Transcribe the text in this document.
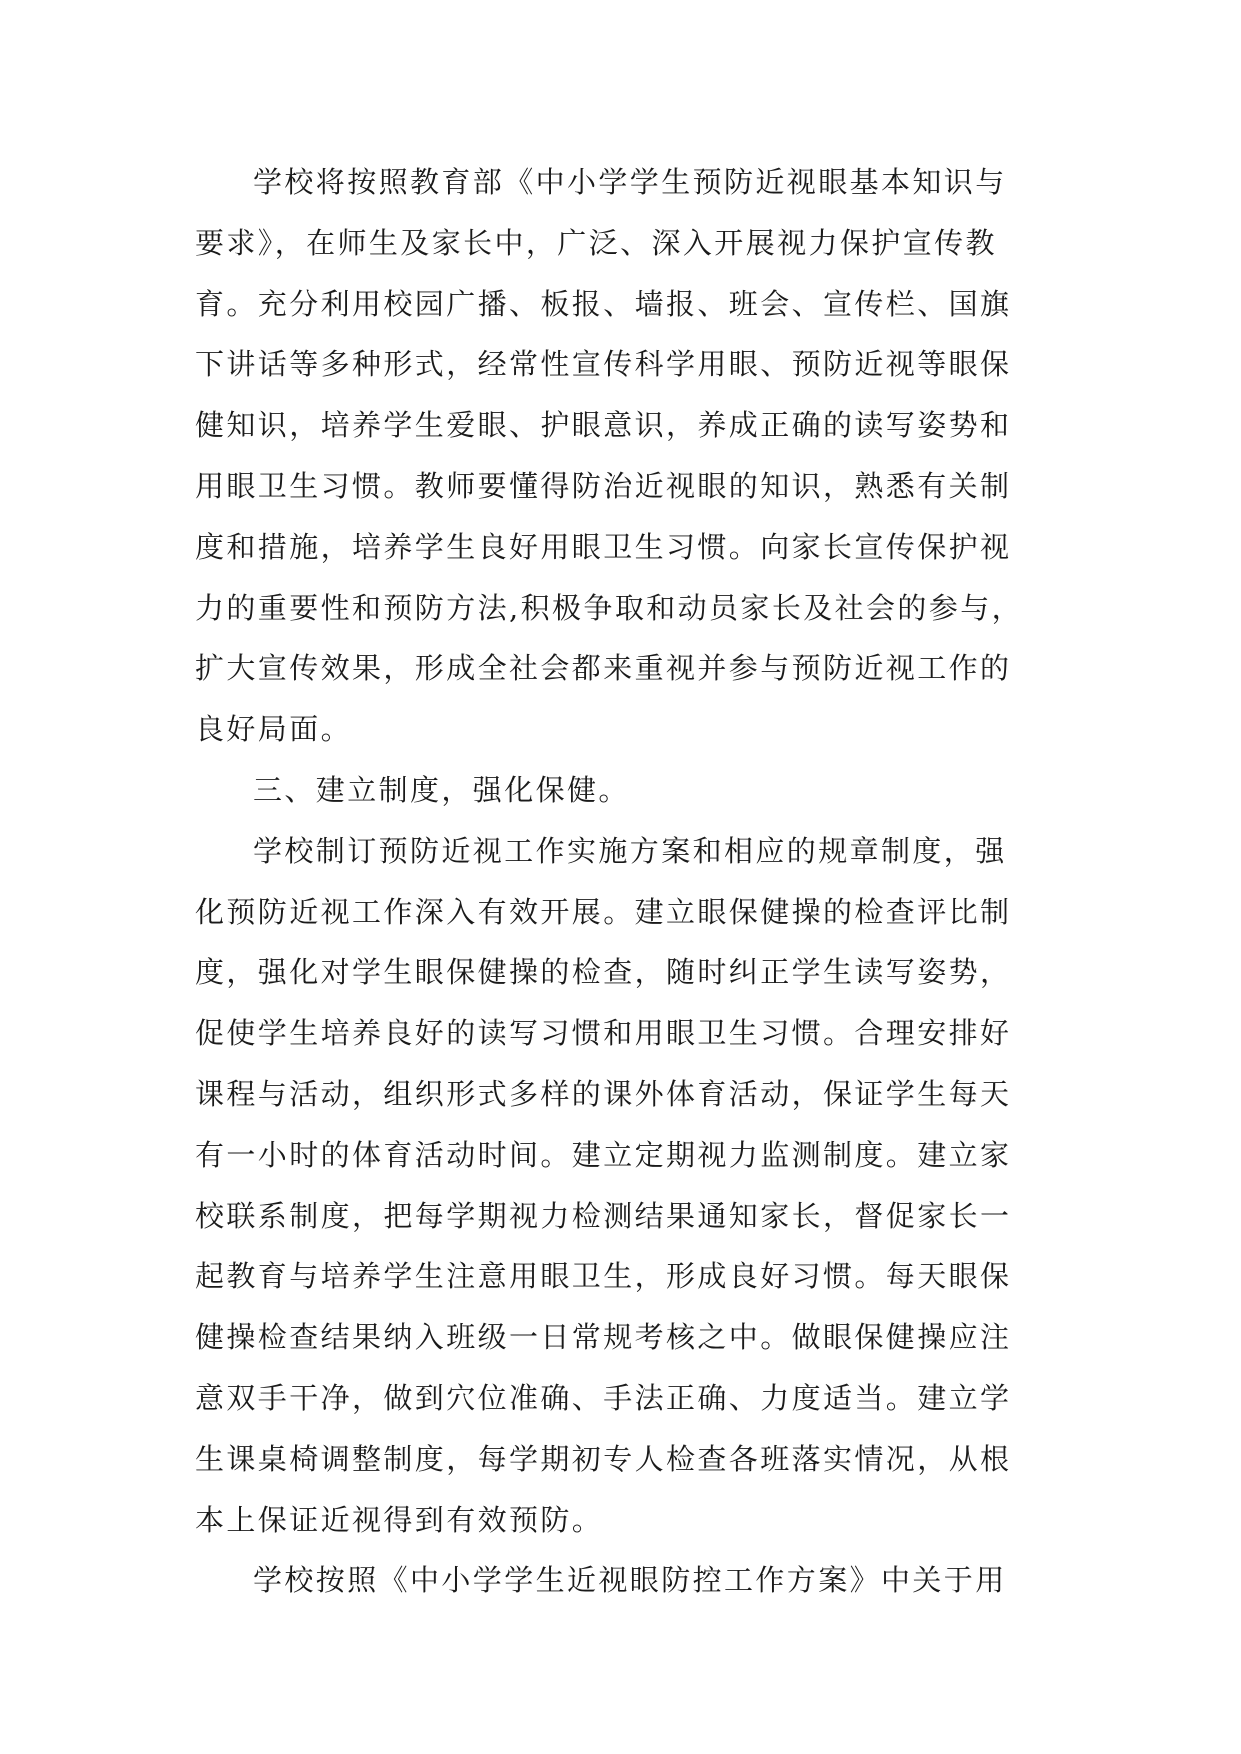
学校将按照教育部《中小学学生预防近视眼基本知识与
要求》，在师生及家长中，广泛、深入开展视力保护宣传教
育。充分利用校园广播、板报、墙报、班会、宣传栏、国旗
下讲话等多种形式，经常性宣传科学用眼、预防近视等眼保
健知识，培养学生爱眼、护眼意识，养成正确的读写姿势和
用眼卫生习惯。教师要懂得防治近视眼的知识，熟悉有关制
度和措施，培养学生良好用眼卫生习惯。向家长宣传保护视
力的重要性和预防方法,积极争取和动员家长及社会的参与，
扩大宣传效果，形成全社会都来重视并参与预防近视工作的
良好局面。

三、建立制度，强化保健。

学校制订预防近视工作实施方案和相应的规章制度，强
化预防近视工作深入有效开展。建立眼保健操的检查评比制
度，强化对学生眼保健操的检查，随时纠正学生读写姿势，
促使学生培养良好的读写习惯和用眼卫生习惯。合理安排好
课程与活动，组织形式多样的课外体育活动，保证学生每天
有一小时的体育活动时间。建立定期视力监测制度。建立家
校联系制度，把每学期视力检测结果通知家长，督促家长一
起教育与培养学生注意用眼卫生，形成良好习惯。每天眼保
健操检查结果纳入班级一日常规考核之中。做眼保健操应注
意双手干净，做到穴位准确、手法正确、力度适当。建立学
生课桌椅调整制度，每学期初专人检查各班落实情况，从根
本上保证近视得到有效预防。

学校按照《中小学学生近视眼防控工作方案》中关于用
